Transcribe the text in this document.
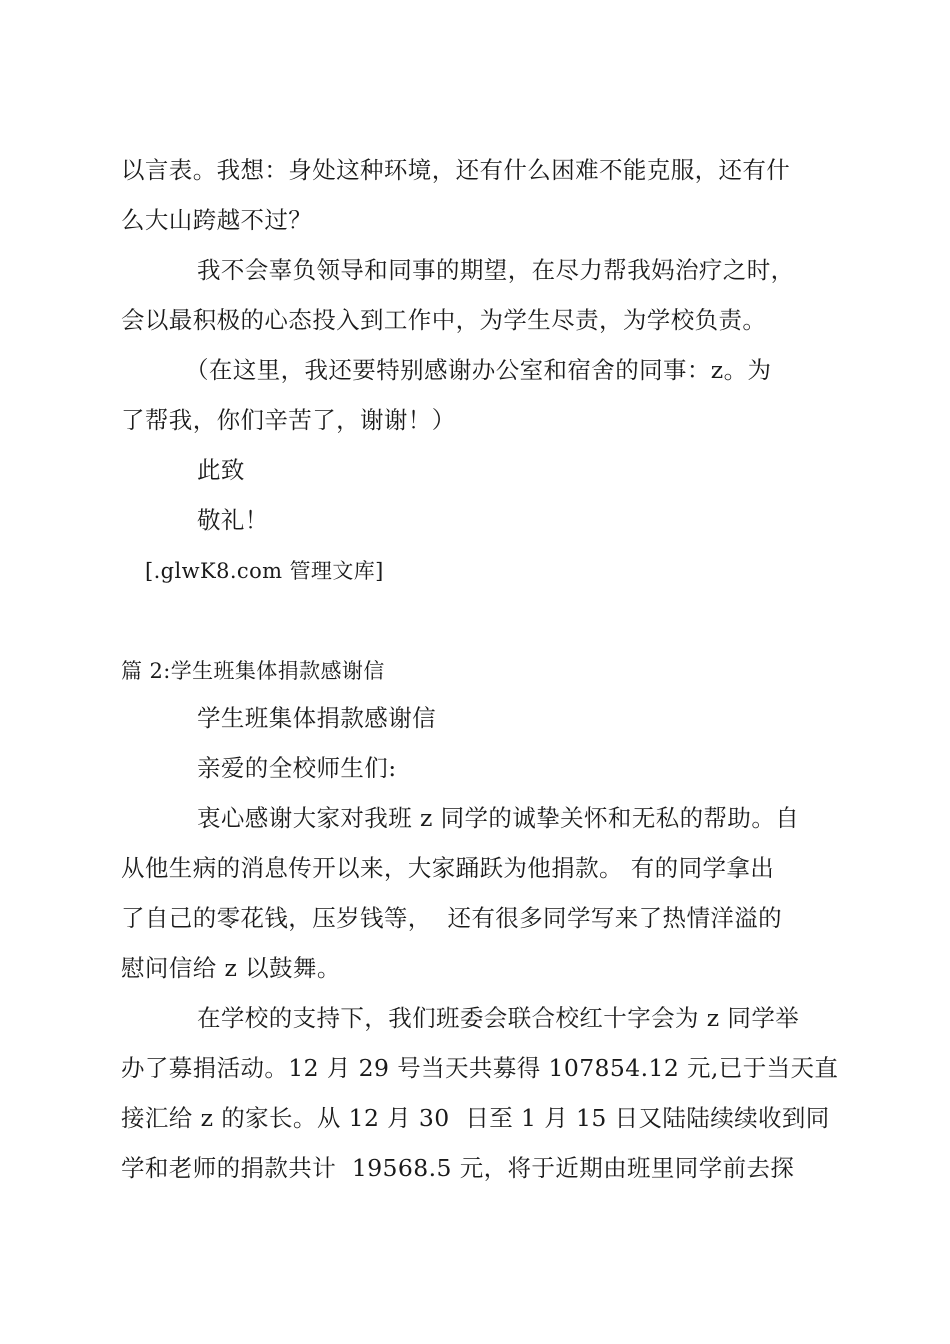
以言表。我想：身处这种环境，还有什么困难不能克服，还有什
么大山跨越不过？
我不会辜负领导和同事的期望，在尽力帮我妈治疗之时，
会以最积极的心态投入到工作中，为学生尽责，为学校负责。
（在这里，我还要特别感谢办公室和宿舍的同事：z。为
了帮我，你们辛苦了，谢谢！）
此致
敬礼！
[.glwK8.com 管理文库]
篇 2:学生班集体捐款感谢信
学生班集体捐款感谢信
亲爱的全校师生们:
衷心感谢大家对我班 z 同学的诚挚关怀和无私的帮助。自
从他生病的消息传开以来，大家踊跃为他捐款。 有的同学拿出
了自己的零花钱，压岁钱等，  还有很多同学写来了热情洋溢的
慰问信给 z 以鼓舞。
在学校的支持下，我们班委会联合校红十字会为 z 同学举
办了募捐活动。12 月 29 号当天共募得 107854.12 元,已于当天直
接汇给 z 的家长。从 12 月 30  日至 1 月 15 日又陆陆续续收到同
学和老师的捐款共计  19568.5 元，将于近期由班里同学前去探
